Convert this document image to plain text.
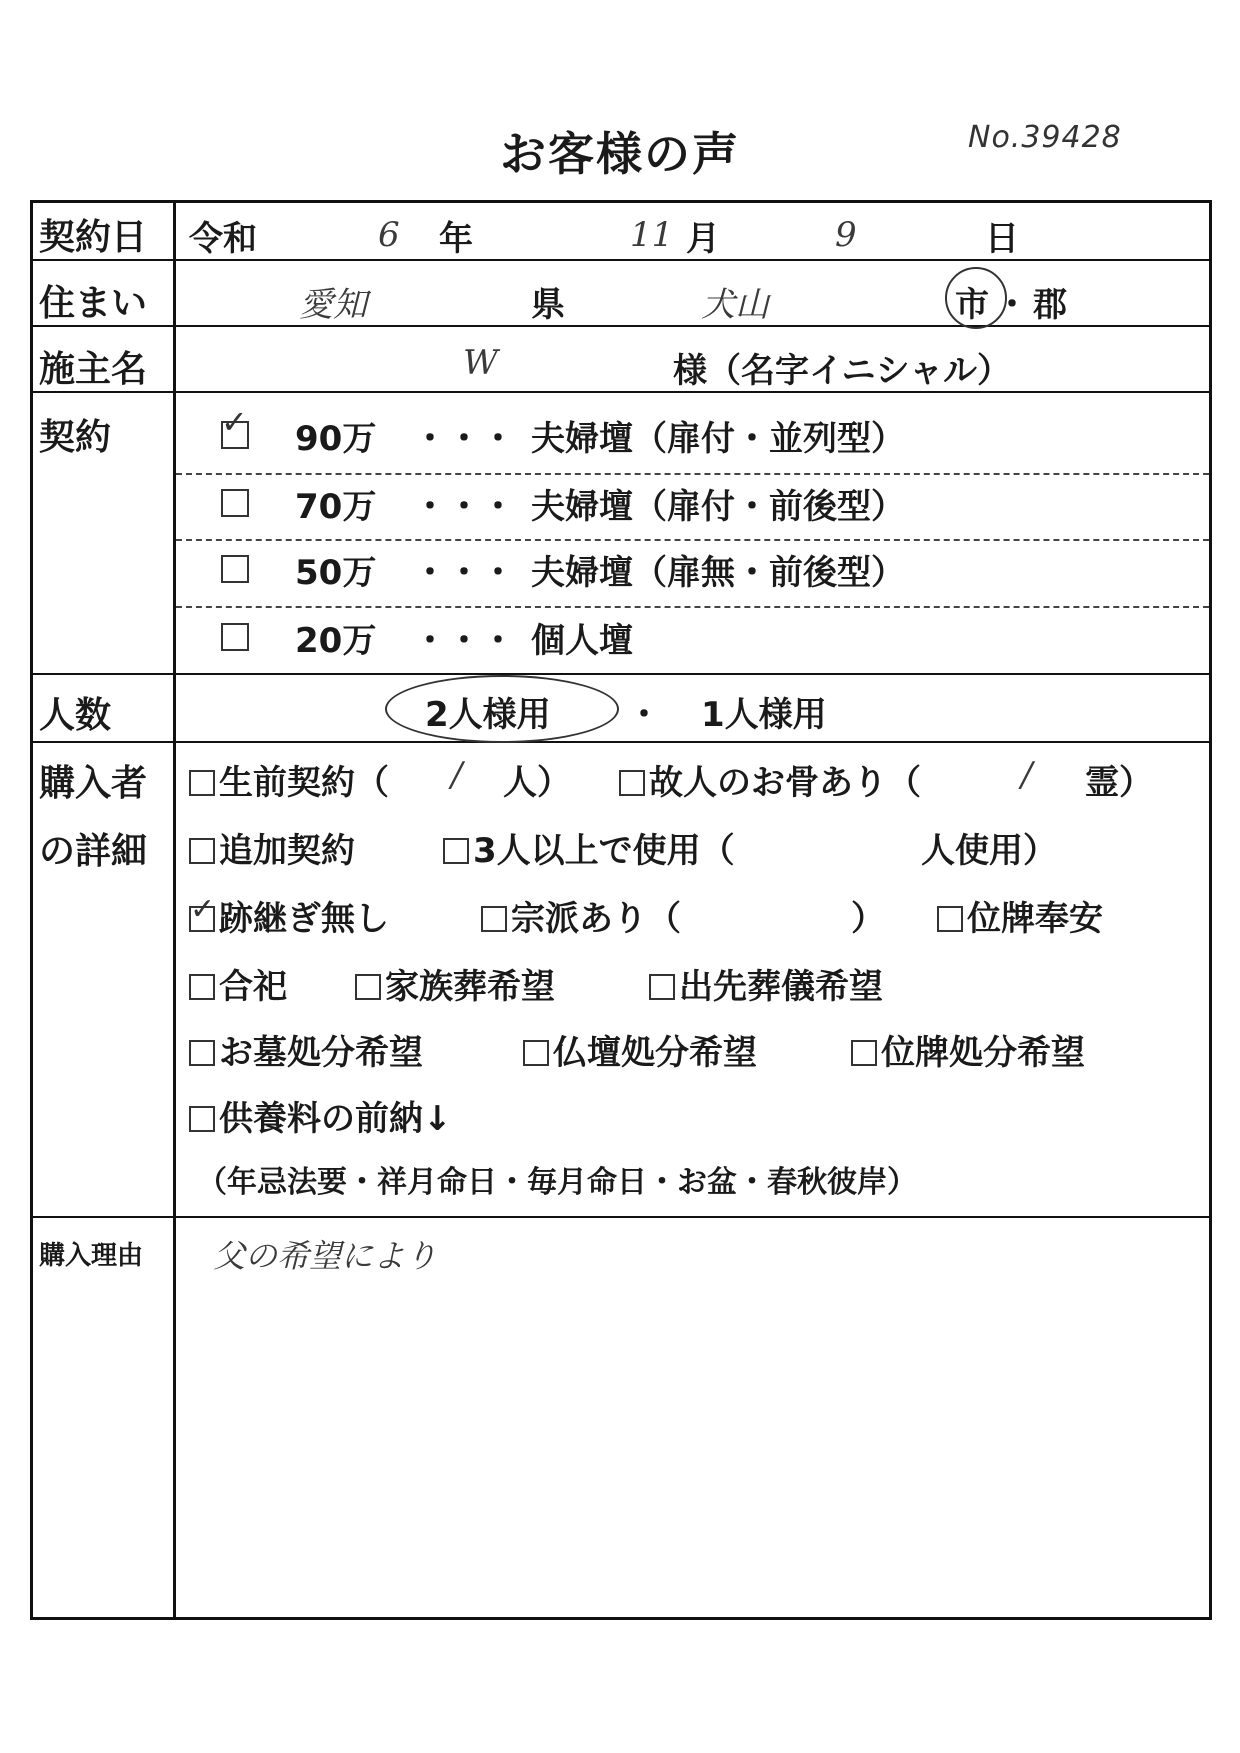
お客様の声	No.39428
契約日 令和	6 年	11 月	9	日
住まい	愛知	県	犬山	市 ・ 郡
施主名	W	様（名字イニシャル）
契約	✓ 90万 ・・・ 夫婦壇（扉付・並列型）
70万 ・・・ 夫婦壇（扉付・前後型）
50万 ・・・ 夫婦壇（扉無・前後型）
20万 ・・・ 個人壇
人数	2人様用 ・ 1人様用
購入者
の詳細
生前契約（ / 人）	故人のお骨あり（	/ 霊）
追加契約	3人以上で使用（	人使用）
✓ 跡継ぎ無し	宗派あり（	）	位牌奉安
合祀	家族葬希望	出先葬儀希望
お墓処分希望	仏壇処分希望	位牌処分希望
供養料の前納↓
（年忌法要・祥月命日・毎月命日・お盆・春秋彼岸）
購入理由 父の希望により
